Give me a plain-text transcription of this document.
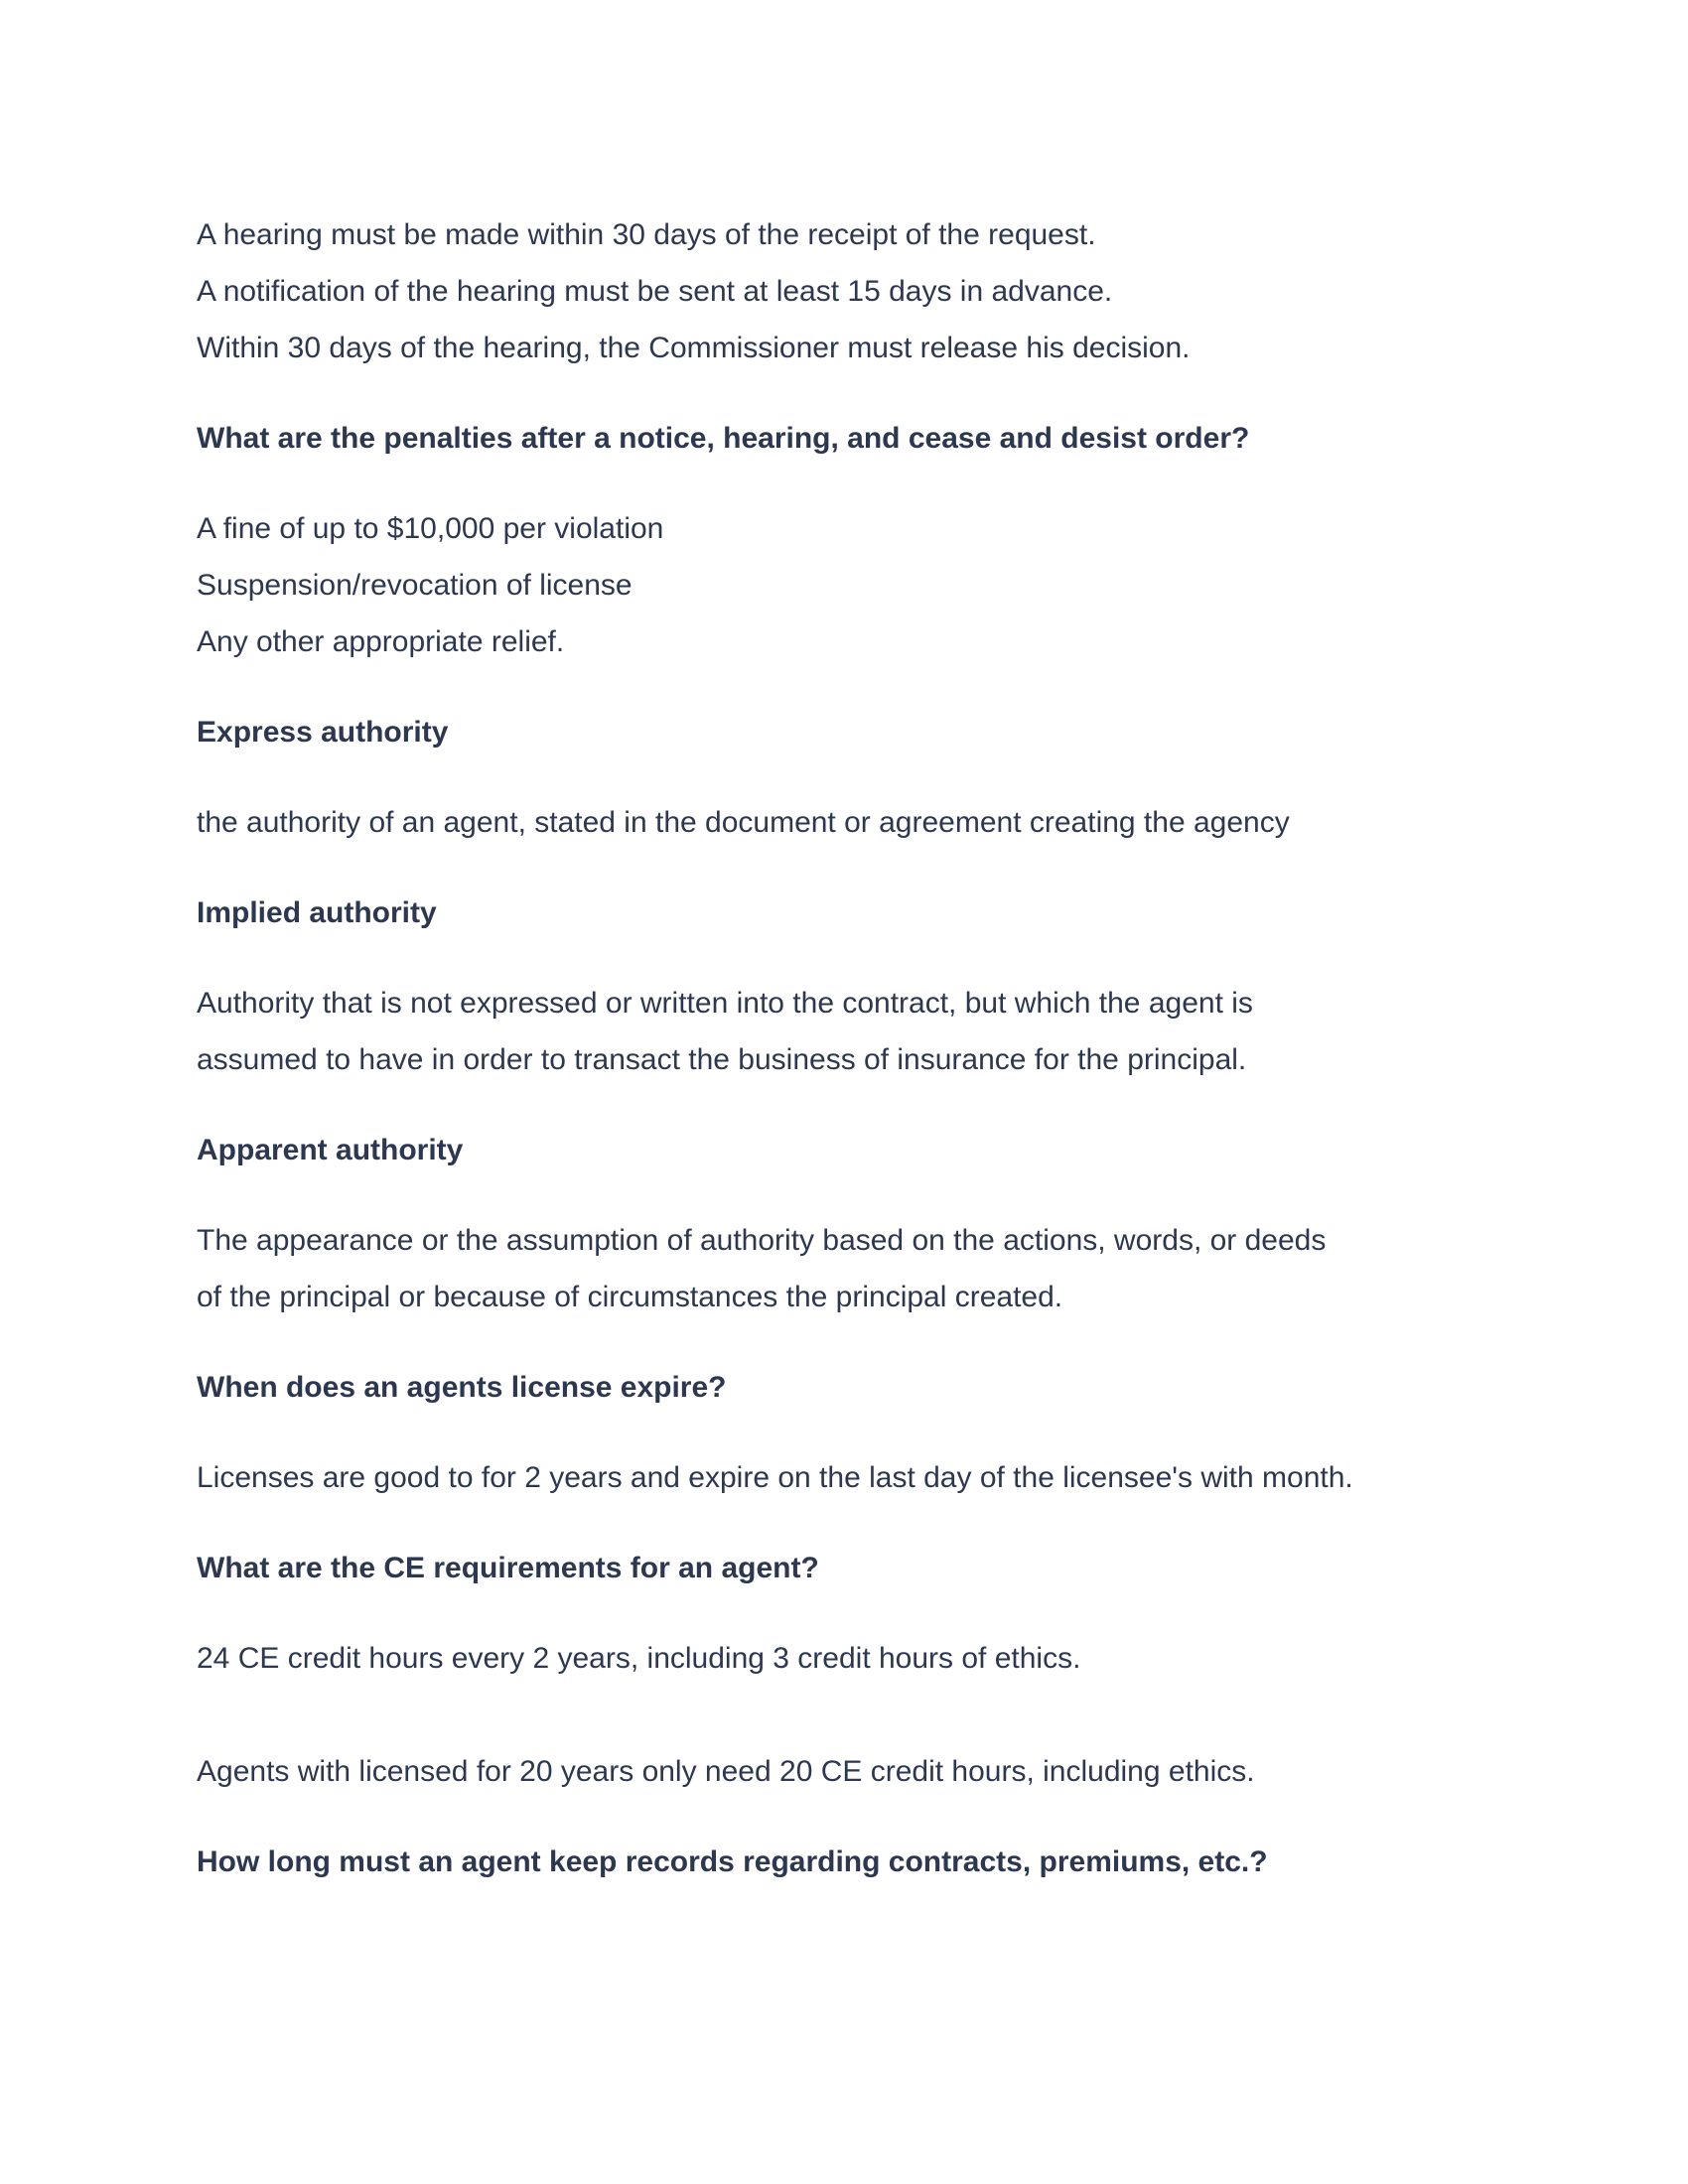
A hearing must be made within 30 days of the receipt of the request.
A notification of the hearing must be sent at least 15 days in advance.
Within 30 days of the hearing, the Commissioner must release his decision.

What are the penalties after a notice, hearing, and cease and desist order?

A fine of up to $10,000 per violation
Suspension/revocation of license
Any other appropriate relief.

Express authority

the authority of an agent, stated in the document or agreement creating the agency

Implied authority

Authority that is not expressed or written into the contract, but which the agent is
assumed to have in order to transact the business of insurance for the principal.

Apparent authority

The appearance or the assumption of authority based on the actions, words, or deeds
of the principal or because of circumstances the principal created.

When does an agents license expire?

Licenses are good to for 2 years and expire on the last day of the licensee's with month.

What are the CE requirements for an agent?

24 CE credit hours every 2 years, including 3 credit hours of ethics.
Agents with licensed for 20 years only need 20 CE credit hours, including ethics.

How long must an agent keep records regarding contracts, premiums, etc.?
